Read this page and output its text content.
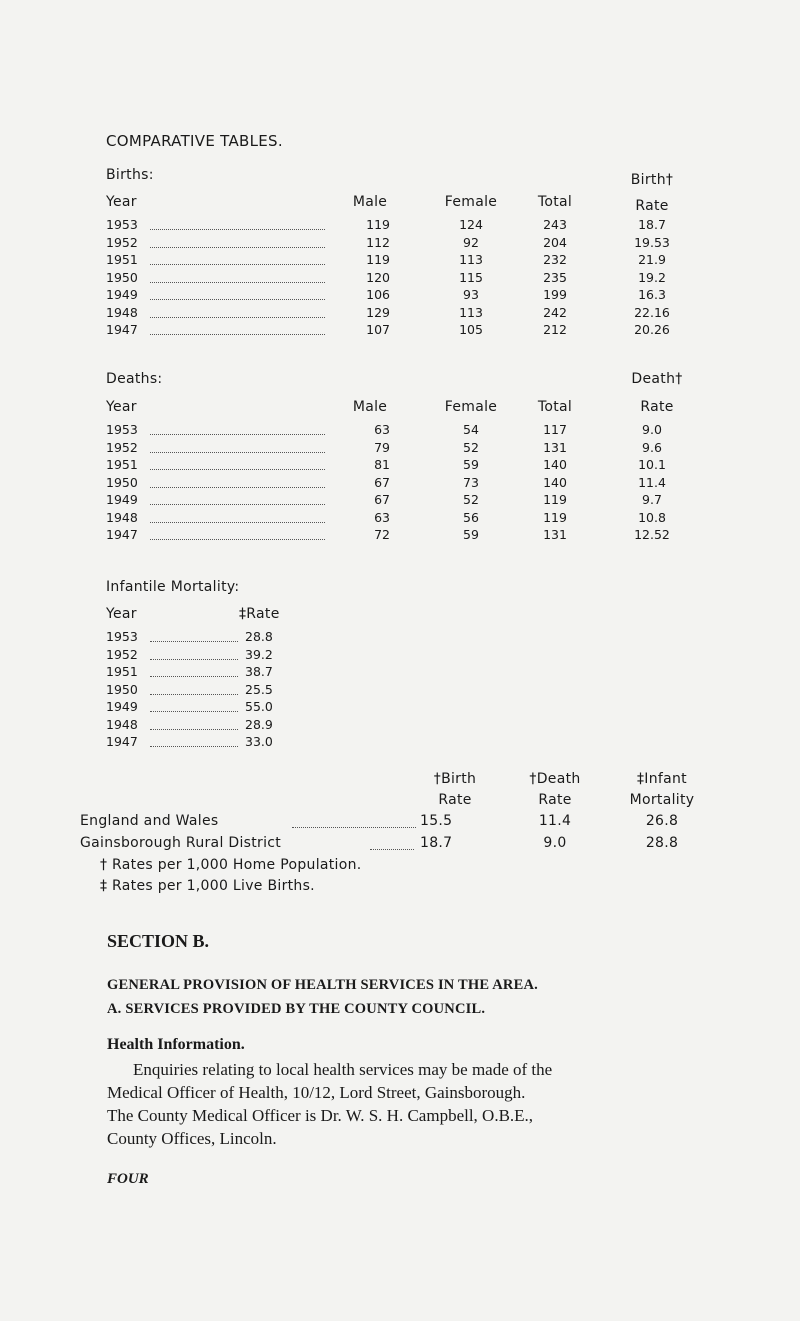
COMPARATIVE TABLES.
Births:	Birth†
Year	Male	Female	Total	Rate
1953	119	124	243	18.7
1952	112	92	204	19.53
1951	119	113	232	21.9
1950	120	115	235	19.2
1949	106	93	199	16.3
1948	129	113	242	22.16
1947	107	105	212	20.26
Deaths:	Death†
Year	Male	Female	Total	Rate
1953	63	54	117	9.0
1952	79	52	131	9.6
1951	81	59	140	10.1
1950	67	73	140	11.4
1949	67	52	119	9.7
1948	63	56	119	10.8
1947	72	59	131	12.52
Infantile Mortality:
Year	‡Rate
1953	28.8
1952	39.2
1951	38.7
1950	25.5
1949	55.0
1948	28.9
1947	33.0
†Birth	†Death	‡Infant
Rate	Rate	Mortality
England and Wales	15.5	11.4	26.8
Gainsborough Rural District	18.7	9.0	28.8
† Rates per 1,000 Home Population.
‡ Rates per 1,000 Live Births.
SECTION B.
GENERAL PROVISION OF HEALTH SERVICES IN THE AREA.
A. SERVICES PROVIDED BY THE COUNTY COUNCIL.
Health Information.
Enquiries relating to local health services may be made of the
Medical Officer of Health, 10/12, Lord Street, Gainsborough.
The County Medical Officer is Dr. W. S. H. Campbell, O.B.E.,
County Offices, Lincoln.
FOUR
